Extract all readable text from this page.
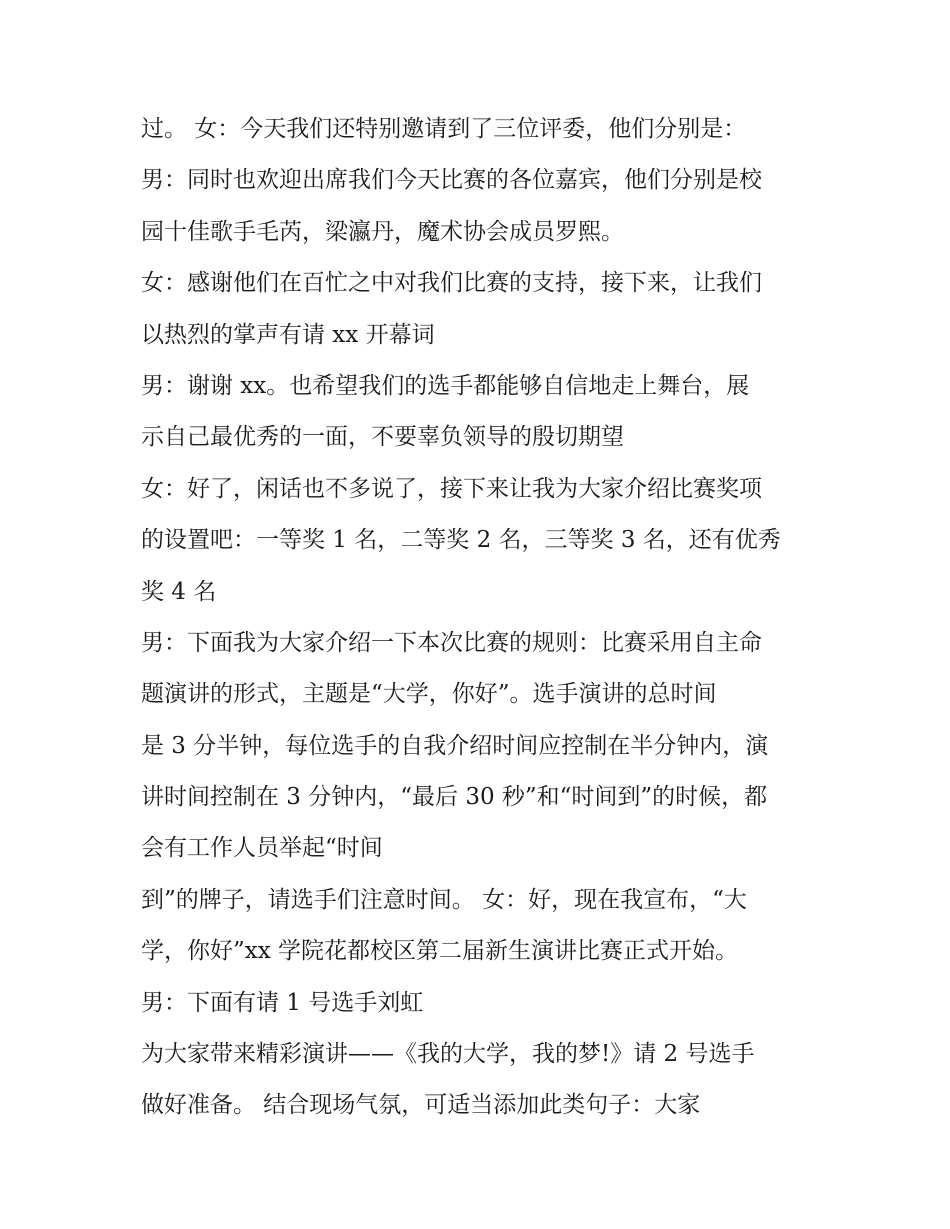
过。 女：今天我们还特别邀请到了三位评委，他们分别是：
男：同时也欢迎出席我们今天比赛的各位嘉宾，他们分别是校
园十佳歌手毛芮，梁瀛丹，魔术协会成员罗熙。
女：感谢他们在百忙之中对我们比赛的支持，接下来，让我们
以热烈的掌声有请 xx 开幕词
男：谢谢 xx。也希望我们的选手都能够自信地走上舞台，展
示自己最优秀的一面，不要辜负领导的殷切期望
女：好了，闲话也不多说了，接下来让我为大家介绍比赛奖项
的设置吧：一等奖 1 名，二等奖 2 名，三等奖 3 名，还有优秀
奖 4 名
男：下面我为大家介绍一下本次比赛的规则：比赛采用自主命
题演讲的形式，主题是“大学，你好”。选手演讲的总时间
是 3 分半钟，每位选手的自我介绍时间应控制在半分钟内，演
讲时间控制在 3 分钟内，“最后 30 秒”和“时间到”的时候，都
会有工作人员举起“时间
到”的牌子，请选手们注意时间。 女：好，现在我宣布，“大
学，你好”xx 学院花都校区第二届新生演讲比赛正式开始。
男：下面有请 1 号选手刘虹
为大家带来精彩演讲——《我的大学，我的梦!》请 2 号选手
做好准备。 结合现场气氛，可适当添加此类句子：大家
